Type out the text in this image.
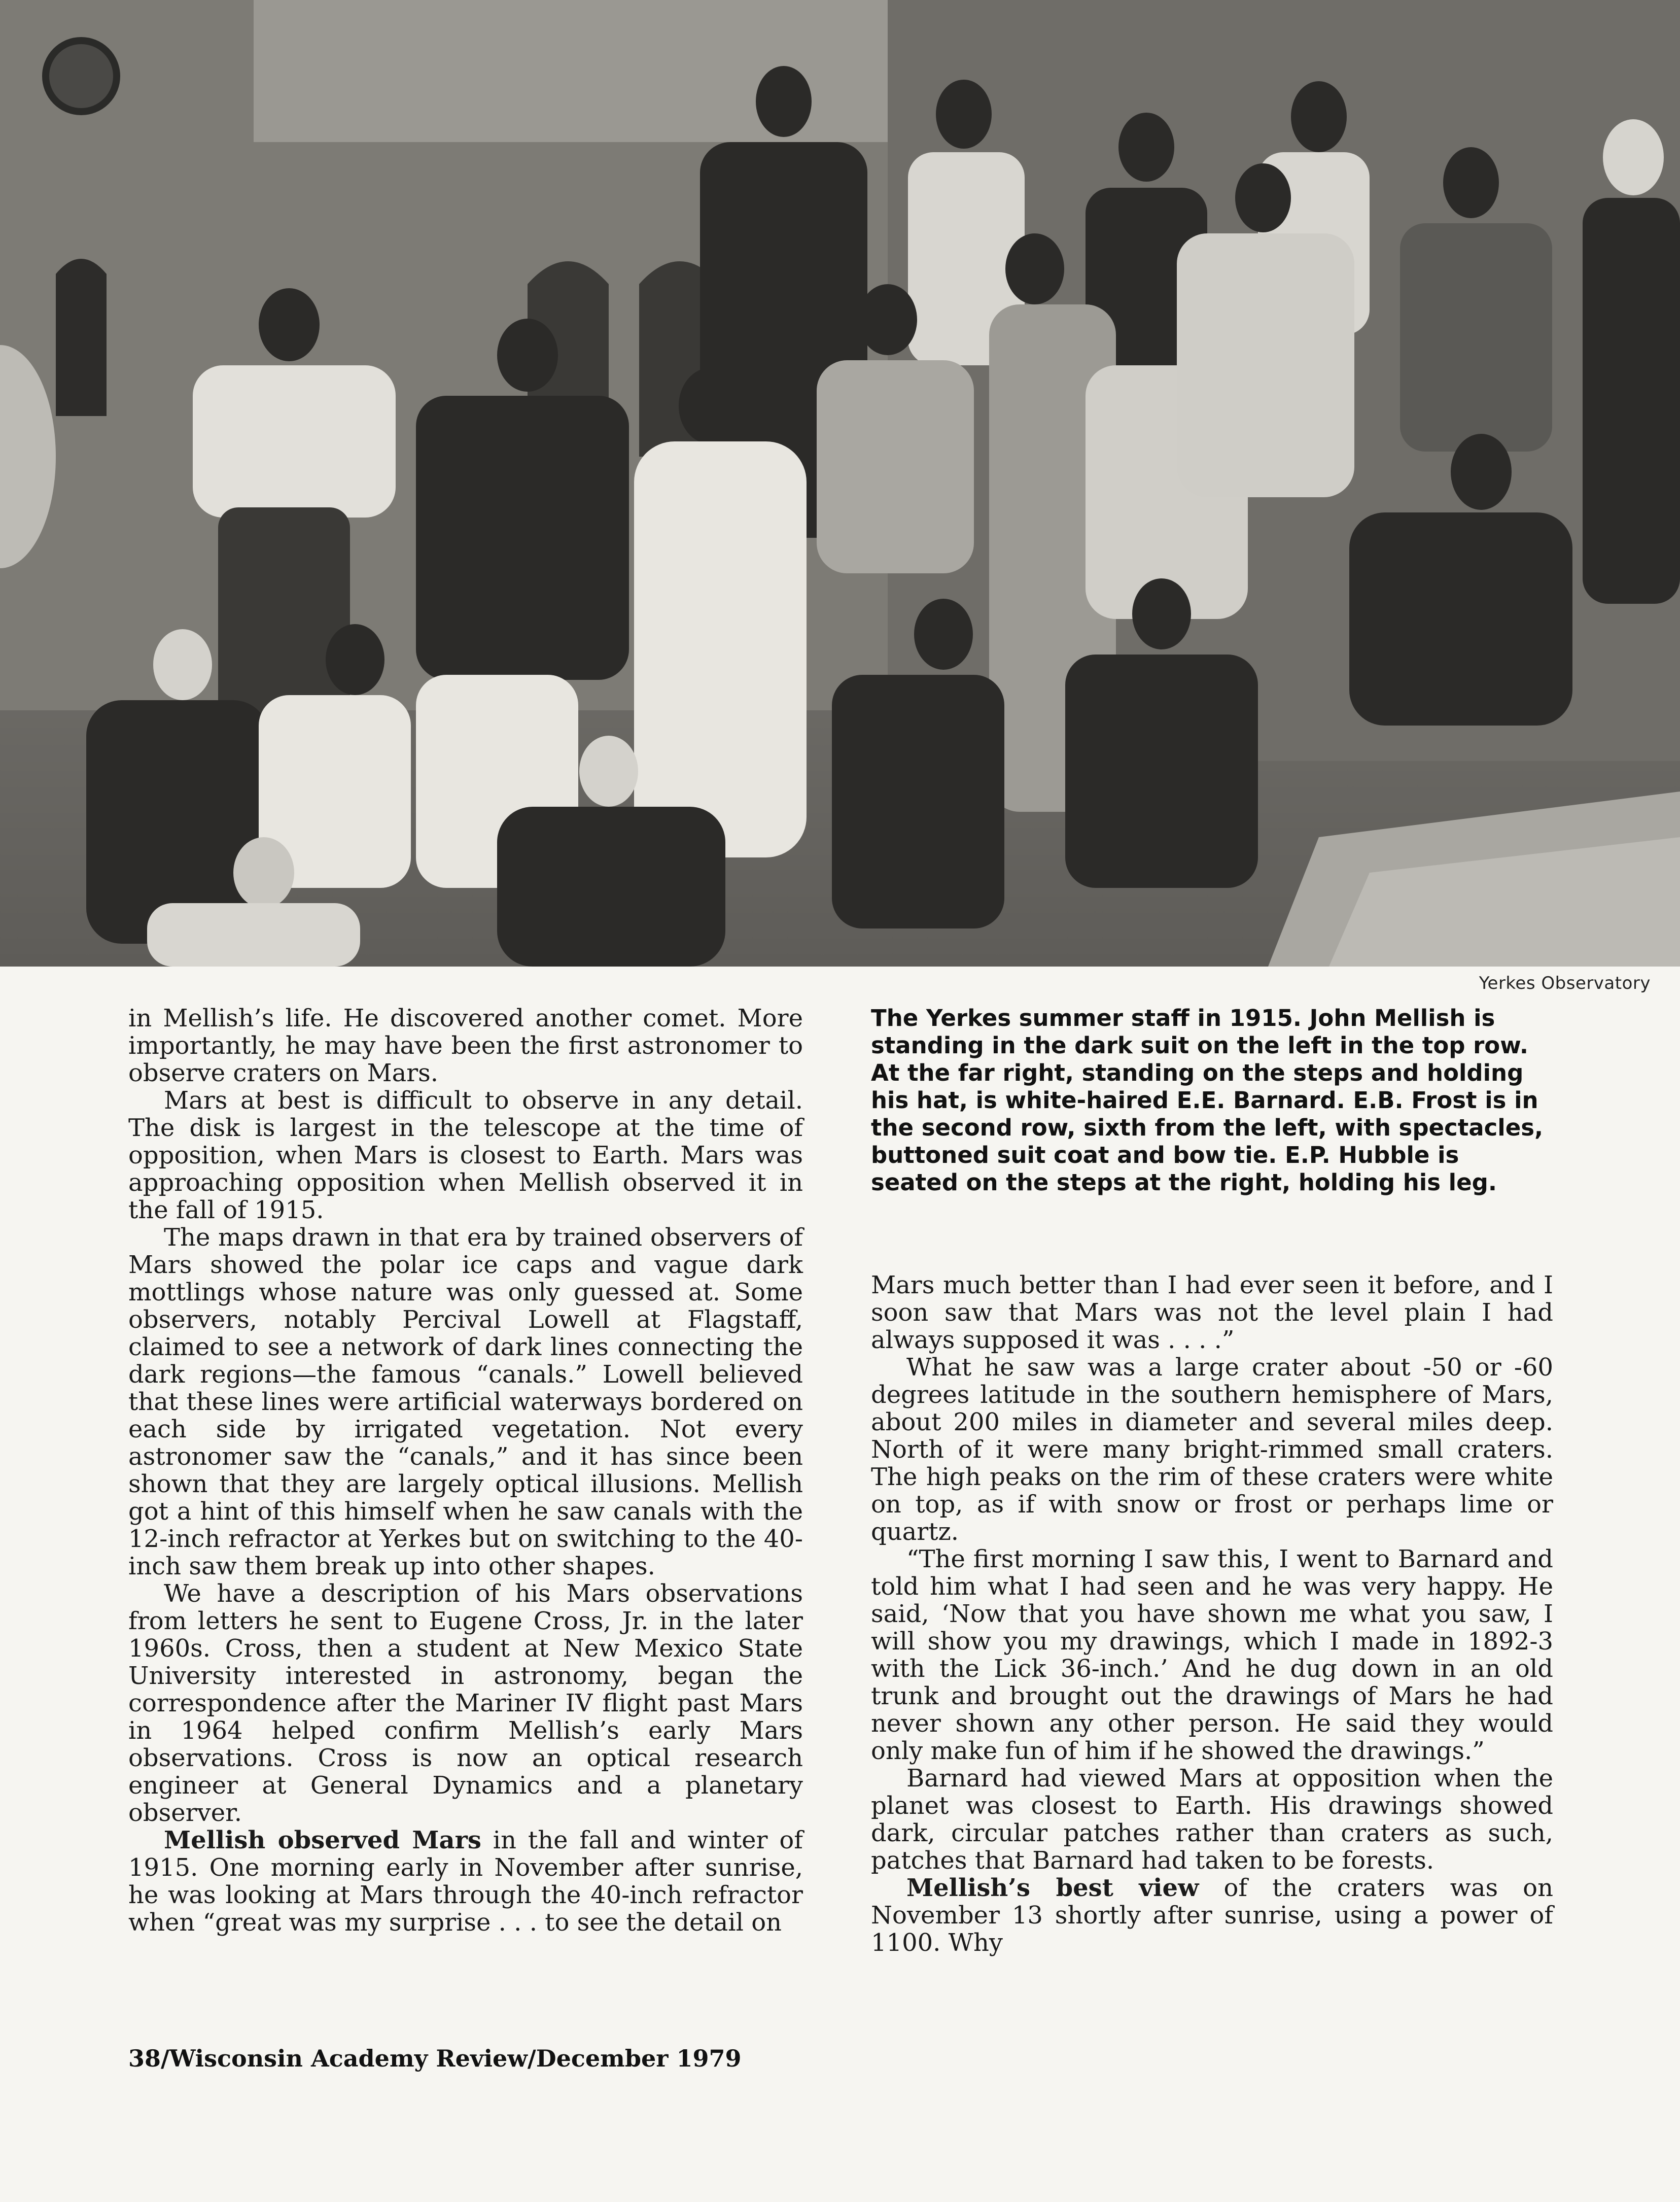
Yerkes Observatory

in Mellish’s life. He discovered another comet. More importantly, he may have been the first astronomer to observe craters on Mars.

Mars at best is difficult to observe in any detail. The disk is largest in the telescope at the time of opposition, when Mars is closest to Earth. Mars was approaching opposition when Mellish observed it in the fall of 1915.

The maps drawn in that era by trained observers of Mars showed the polar ice caps and vague dark mottlings whose nature was only guessed at. Some observers, notably Percival Lowell at Flagstaff, claimed to see a network of dark lines connecting the dark regions—the famous “canals.” Lowell believed that these lines were artificial waterways bordered on each side by irrigated vegetation. Not every astronomer saw the “canals,” and it has since been shown that they are largely optical illusions. Mellish got a hint of this himself when he saw canals with the 12-inch refractor at Yerkes but on switching to the 40-inch saw them break up into other shapes.

We have a description of his Mars observations from letters he sent to Eugene Cross, Jr. in the later 1960s. Cross, then a student at New Mexico State University interested in astronomy, began the correspondence after the Mariner IV flight past Mars in 1964 helped confirm Mellish’s early Mars observations. Cross is now an optical research engineer at General Dynamics and a planetary observer.

Mellish observed Mars in the fall and winter of 1915. One morning early in November after sunrise, he was looking at Mars through the 40-inch refractor when “great was my surprise . . . to see the detail on

The Yerkes summer staff in 1915. John Mellish is standing in the dark suit on the left in the top row. At the far right, standing on the steps and holding his hat, is white-haired E.E. Barnard. E.B. Frost is in the second row, sixth from the left, with spectacles, buttoned suit coat and bow tie. E.P. Hubble is seated on the steps at the right, holding his leg.

Mars much better than I had ever seen it before, and I soon saw that Mars was not the level plain I had always supposed it was . . . .”

What he saw was a large crater about -50 or -60 degrees latitude in the southern hemisphere of Mars, about 200 miles in diameter and several miles deep. North of it were many bright-rimmed small craters. The high peaks on the rim of these craters were white on top, as if with snow or frost or perhaps lime or quartz.

“The first morning I saw this, I went to Barnard and told him what I had seen and he was very happy. He said, ‘Now that you have shown me what you saw, I will show you my drawings, which I made in 1892-3 with the Lick 36-inch.’ And he dug down in an old trunk and brought out the drawings of Mars he had never shown any other person. He said they would only make fun of him if he showed the drawings.”

Barnard had viewed Mars at opposition when the planet was closest to Earth. His drawings showed dark, circular patches rather than craters as such, patches that Barnard had taken to be forests.

Mellish’s best view of the craters was on November 13 shortly after sunrise, using a power of 1100. Why

38/Wisconsin Academy Review/December 1979
